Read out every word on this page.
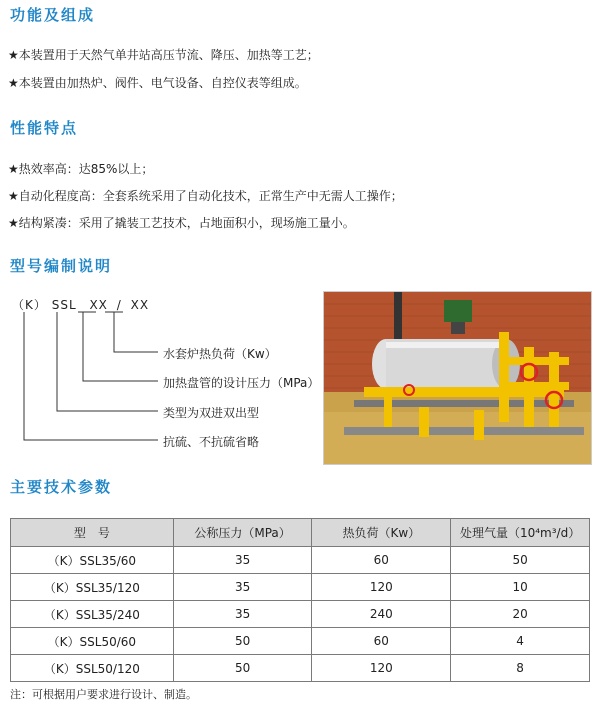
功能及组成
★本装置用于天然气单井站高压节流、降压、加热等工艺；
★本装置由加热炉、阀件、电气设备、自控仪表等组成。
性能特点
★热效率高：达85%以上；
★自动化程度高：全套系统采用了自动化技术，正常生产中无需人工操作；
★结构紧凑：采用了撬装工艺技术，占地面积小，现场施工量小。
型号编制说明
（K） SSL XX / XX
水套炉热负荷（Kw）
加热盘管的设计压力（MPa）
类型为双进双出型
抗硫、不抗硫省略
主要技术参数
型　号	公称压力（MPa）	热负荷（Kw）	处理气量（10⁴m³/d）
（K）SSL35/60	35	60	50
（K）SSL35/120	35	120	10
（K）SSL35/240	35	240	20
（K）SSL50/60	50	60	4
（K）SSL50/120	50	120	8
注：可根据用户要求进行设计、制造。
